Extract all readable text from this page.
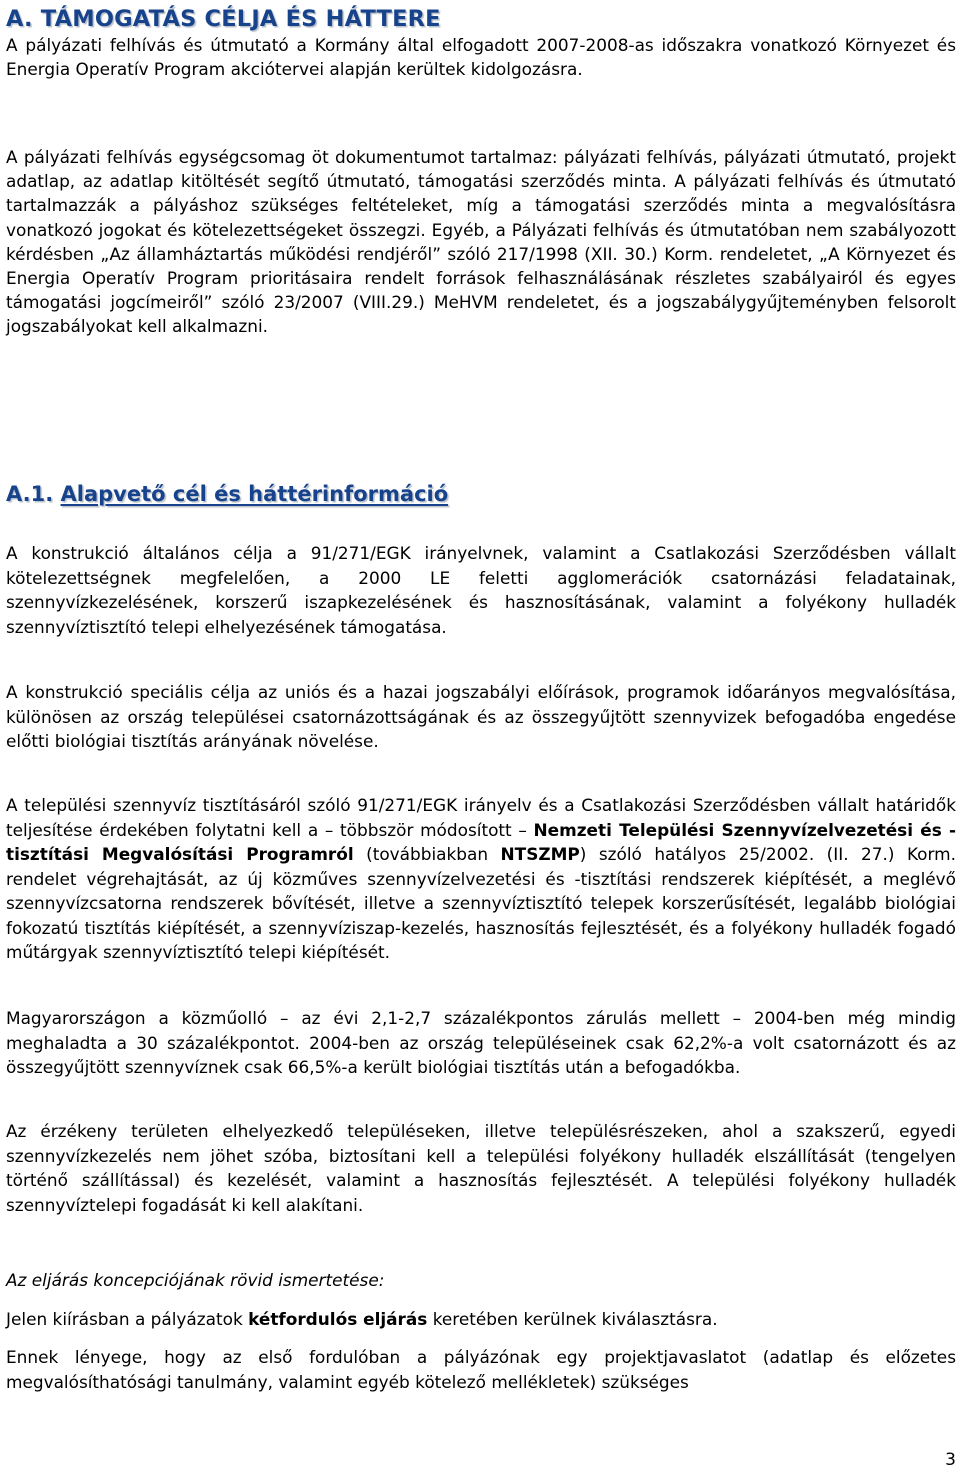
A. TÁMOGATÁS CÉLJA ÉS HÁTTERE

A pályázati felhívás és útmutató a Kormány által elfogadott 2007-2008-as időszakra vonatkozó Környezet és Energia Operatív Program akciótervei alapján kerültek kidolgozásra.

A pályázati felhívás egységcsomag öt dokumentumot tartalmaz: pályázati felhívás, pályázati útmutató, projekt adatlap, az adatlap kitöltését segítő útmutató, támogatási szerződés minta. A pályázati felhívás és útmutató tartalmazzák a pályáshoz szükséges feltételeket, míg a támogatási szerződés minta a megvalósításra vonatkozó jogokat és kötelezettségeket összegzi. Egyéb, a Pályázati felhívás és útmutatóban nem szabályozott kérdésben „Az államháztartás működési rendjéről” szóló 217/1998 (XII. 30.) Korm. rendeletet, „A Környezet és Energia Operatív Program prioritásaira rendelt források felhasználásának részletes szabályairól és egyes támogatási jogcímeiről” szóló 23/2007 (VIII.29.) MeHVM rendeletet, és a jogszabálygyűjteményben felsorolt jogszabályokat kell alkalmazni.

A.1. Alapvető cél és háttérinformáció

A konstrukció általános célja a 91/271/EGK irányelvnek, valamint a Csatlakozási Szerződésben vállalt kötelezettségnek megfelelően, a 2000 LE feletti agglomerációk csatornázási feladatainak, szennyvízkezelésének, korszerű iszapkezelésének és hasznosításának, valamint a folyékony hulladék szennyvíztisztító telepi elhelyezésének támogatása.

A konstrukció speciális célja az uniós és a hazai jogszabályi előírások, programok időarányos megvalósítása, különösen az ország települései csatornázottságának és az összegyűjtött szennyvizek befogadóba engedése előtti biológiai tisztítás arányának növelése.

A települési szennyvíz tisztításáról szóló 91/271/EGK irányelv és a Csatlakozási Szerződésben vállalt határidők teljesítése érdekében folytatni kell a – többször módosított – Nemzeti Települési Szennyvízelvezetési és -tisztítási Megvalósítási Programról (továbbiakban NTSZMP) szóló hatályos 25/2002. (II. 27.) Korm. rendelet végrehajtását, az új közműves szennyvízelvezetési és -tisztítási rendszerek kiépítését, a meglévő szennyvízcsatorna rendszerek bővítését, illetve a szennyvíztisztító telepek korszerűsítését, legalább biológiai fokozatú tisztítás kiépítését, a szennyvíziszap-kezelés, hasznosítás fejlesztését, és a folyékony hulladék fogadó műtárgyak szennyvíztisztító telepi kiépítését.

Magyarországon a közműolló – az évi 2,1-2,7 százalékpontos zárulás mellett – 2004-ben még mindig meghaladta a 30 százalékpontot. 2004-ben az ország településeinek csak 62,2%-a volt csatornázott és az összegyűjtött szennyvíznek csak 66,5%-a került biológiai tisztítás után a befogadókba.

Az érzékeny területen elhelyezkedő településeken, illetve településrészeken, ahol a szakszerű, egyedi szennyvízkezelés nem jöhet szóba, biztosítani kell a települési folyékony hulladék elszállítását (tengelyen történő szállítással) és kezelését, valamint a hasznosítás fejlesztését. A települési folyékony hulladék szennyvíztelepi fogadását ki kell alakítani.

Az eljárás koncepciójának rövid ismertetése:

Jelen kiírásban a pályázatok kétfordulós eljárás keretében kerülnek kiválasztásra.

Ennek lényege, hogy az első fordulóban a pályázónak egy projektjavaslatot (adatlap és előzetes megvalósíthatósági tanulmány, valamint egyéb kötelező mellékletek) szükséges

3
